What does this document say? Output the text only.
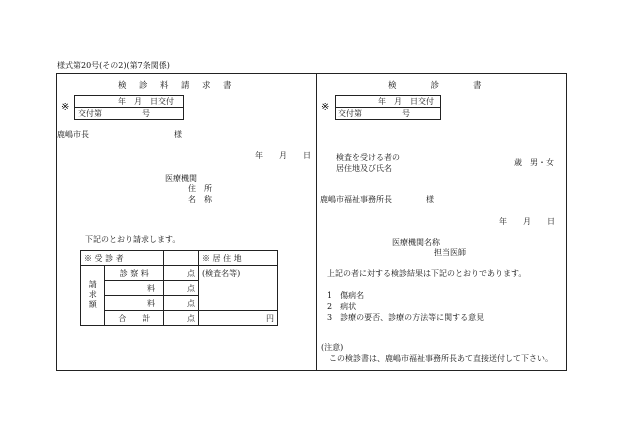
様式第20号(その2)(第7条関係)
検　診　料　請　求　書
※
年　月　日交付
交付第　　　　　号
鹿嶋市長	様
年　　月　　日
医療機関
住　所
名　称
下記のとおり請求します。
※ 受 診 者			※ 居 住 地
請求額	診 察 料	点	(検査名等)
	料	点	
	料	点	
	合　　計	点	円
検　　　　診　　　　書
※
年　月　日交付
交付第　　　　　号
検査を受ける者の
居住地及び氏名
歳　男・女
鹿嶋市福祉事務所長	様
年　　月　　日
医療機関名称
担当医師
上記の者に対する検診結果は下記のとおりであります。
1　傷病名
2　病状
3　診療の要否、診療の方法等に関する意見
(注意)
この検診書は、鹿嶋市福祉事務所長あて直接送付して下さい。
